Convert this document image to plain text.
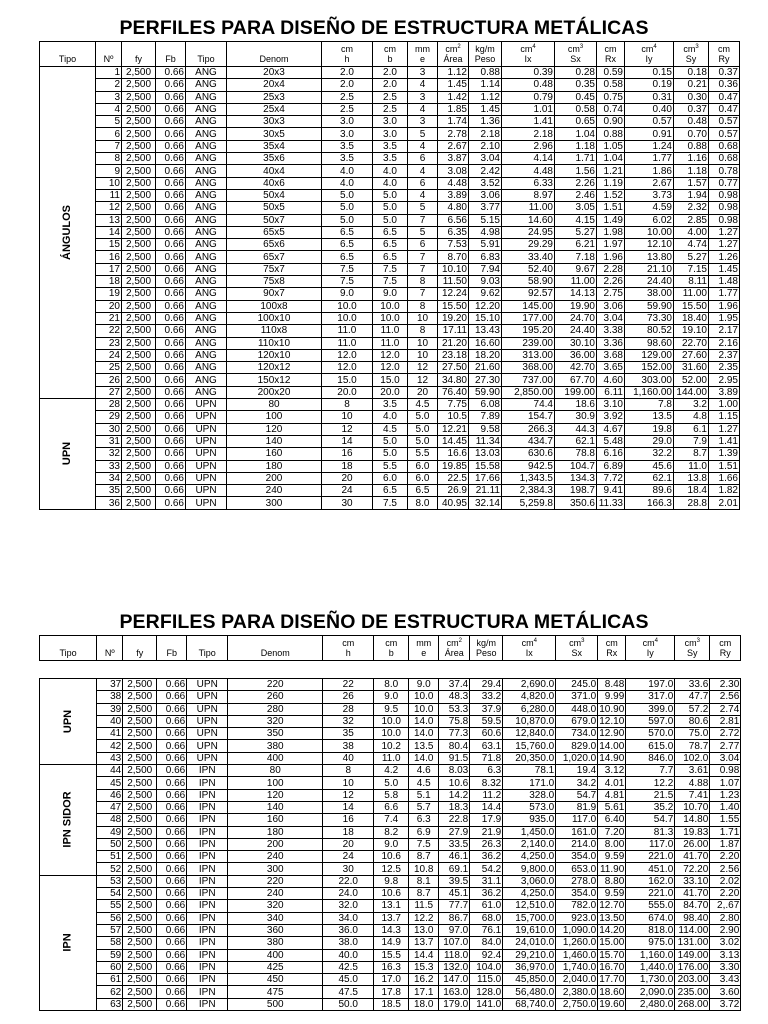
PERFILES PARA DISEÑO DE ESTRUCTURA METÁLICAS
						cm	cm	mm	$cm^2$	kg/m	$cm^4$	$cm^3$	cm	$cm^4$	$cm^3$	cm
Tipo	Nº	fy	Fb	Tipo	Denom	h	b	e	Área	Peso	Ix	Sx	Rx	Iy	Sy	Ry
ÁNGULOS	1	2,500	0.66	ANG	20x3	2.0	2.0	3	1.12	0.88	0.39	0.28	0.59	0.15	0.18	0.37
	2	2,500	0.66	ANG	20x4	2.0	2.0	4	1.45	1.14	0.48	0.35	0.58	0.19	0.21	0.36
	3	2,500	0.66	ANG	25x3	2.5	2.5	3	1.42	1.12	0.79	0.45	0.75	0.31	0.30	0.47
	4	2,500	0.66	ANG	25x4	2.5	2.5	4	1.85	1.45	1.01	0.58	0.74	0.40	0.37	0.47
	5	2,500	0.66	ANG	30x3	3.0	3.0	3	1.74	1.36	1.41	0.65	0.90	0.57	0.48	0.57
	6	2,500	0.66	ANG	30x5	3.0	3.0	5	2.78	2.18	2.18	1.04	0.88	0.91	0.70	0.57
	7	2,500	0.66	ANG	35x4	3.5	3.5	4	2.67	2.10	2.96	1.18	1.05	1.24	0.88	0.68
	8	2,500	0.66	ANG	35x6	3.5	3.5	6	3.87	3.04	4.14	1.71	1.04	1.77	1.16	0.68
	9	2,500	0.66	ANG	40x4	4.0	4.0	4	3.08	2.42	4.48	1.56	1.21	1.86	1.18	0.78
	10	2,500	0.66	ANG	40x6	4.0	4.0	6	4.48	3.52	6.33	2.26	1.19	2.67	1.57	0.77
	11	2,500	0.66	ANG	50x4	5.0	5.0	4	3.89	3.06	8.97	2.46	1.52	3.73	1.94	0.98
	12	2,500	0.66	ANG	50x5	5.0	5.0	5	4.80	3.77	11.00	3.05	1.51	4.59	2.32	0.98
	13	2,500	0.66	ANG	50x7	5.0	5.0	7	6.56	5.15	14.60	4.15	1.49	6.02	2.85	0.98
	14	2,500	0.66	ANG	65x5	6.5	6.5	5	6.35	4.98	24.95	5.27	1.98	10.00	4.00	1.27
	15	2,500	0.66	ANG	65x6	6.5	6.5	6	7.53	5.91	29.29	6.21	1.97	12.10	4.74	1.27
	16	2,500	0.66	ANG	65x7	6.5	6.5	7	8.70	6.83	33.40	7.18	1.96	13.80	5.27	1.26
	17	2,500	0.66	ANG	75x7	7.5	7.5	7	10.10	7.94	52.40	9.67	2.28	21.10	7.15	1.45
	18	2,500	0.66	ANG	75x8	7.5	7.5	8	11.50	9.03	58.90	11.00	2.26	24.40	8.11	1.48
	19	2,500	0.66	ANG	90x7	9.0	9.0	7	12.24	9.62	92.57	14.13	2.75	38.00	11.00	1.77
	20	2,500	0.66	ANG	100x8	10.0	10.0	8	15.50	12.20	145.00	19.90	3.06	59.90	15.50	1.96
	21	2,500	0.66	ANG	100x10	10.0	10.0	10	19.20	15.10	177.00	24.70	3.04	73.30	18.40	1.95
	22	2,500	0.66	ANG	110x8	11.0	11.0	8	17.11	13.43	195.20	24.40	3.38	80.52	19.10	2.17
	23	2,500	0.66	ANG	110x10	11.0	11.0	10	21.20	16.60	239.00	30.10	3.36	98.60	22.70	2.16
	24	2,500	0.66	ANG	120x10	12.0	12.0	10	23.18	18.20	313.00	36.00	3.68	129.00	27.60	2.37
	25	2,500	0.66	ANG	120x12	12.0	12.0	12	27.50	21.60	368.00	42.70	3.65	152.00	31.60	2.35
	26	2,500	0.66	ANG	150x12	15.0	15.0	12	34.80	27.30	737.00	67.70	4.60	303.00	52.00	2.95
	27	2,500	0.66	ANG	200x20	20.0	20.0	20	76.40	59.90	2,850.00	199.00	6.11	1,160.00	144.00	3.89
UPN	28	2,500	0.66	UPN	80	8	3.5	4.5	7.75	6.08	74.4	18.6	3.10	7.8	3.2	1.00
	29	2,500	0.66	UPN	100	10	4.0	5.0	10.5	7.89	154.7	30.9	3.92	13.5	4.8	1.15
	30	2,500	0.66	UPN	120	12	4.5	5.0	12.21	9.58	266.3	44.3	4.67	19.8	6.1	1.27
	31	2,500	0.66	UPN	140	14	5.0	5.0	14.45	11.34	434.7	62.1	5.48	29.0	7.9	1.41
	32	2,500	0.66	UPN	160	16	5.0	5.5	16.6	13.03	630.6	78.8	6.16	32.2	8.7	1.39
	33	2,500	0.66	UPN	180	18	5.5	6.0	19.85	15.58	942.5	104.7	6.89	45.6	11.0	1.51
	34	2,500	0.66	UPN	200	20	6.0	6.0	22.5	17.66	1,343.5	134.3	7.72	62.1	13.8	1.66
	35	2,500	0.66	UPN	240	24	6.5	6.5	26.9	21.11	2,384.3	198.7	9.41	89.6	18.4	1.82
	36	2,500	0.66	UPN	300	30	7.5	8.0	40.95	32.14	5,259.8	350.6	11.33	166.3	28.8	2.01
PERFILES PARA DISEÑO DE ESTRUCTURA METÁLICAS
						cm	cm	mm	$cm^2$	kg/m	$cm^4$	$cm^3$	cm	$cm^4$	$cm^3$	cm
Tipo	Nº	fy	Fb	Tipo	Denom	h	b	e	Área	Peso	Ix	Sx	Rx	Iy	Sy	Ry

UPN	37	2,500	0.66	UPN	220	22	8.0	9.0	37.4	29.4	2,690.0	245.0	8.48	197.0	33.6	2.30
	38	2,500	0.66	UPN	260	26	9.0	10.0	48.3	33.2	4,820.0	371.0	9.99	317.0	47.7	2.56
	39	2,500	0.66	UPN	280	28	9.5	10.0	53.3	37.9	6,280.0	448.0	10.90	399.0	57.2	2.74
	40	2,500	0.66	UPN	320	32	10.0	14.0	75.8	59.5	10,870.0	679.0	12.10	597.0	80.6	2.81
	41	2,500	0.66	UPN	350	35	10.0	14.0	77.3	60.6	12,840.0	734.0	12.90	570.0	75.0	2.72
	42	2,500	0.66	UPN	380	38	10.2	13.5	80.4	63.1	15,760.0	829.0	14.00	615.0	78.7	2.77
	43	2,500	0.66	UPN	400	40	11.0	14.0	91.5	71.8	20,350.0	1,020.0	14.90	846.0	102.0	3.04
IPN SIDOR	44	2,500	0.66	IPN	80	8	4.2	4.6	8.03	6.3	78.1	19.4	3.12	7.7	3.61	0.98
	45	2,500	0.66	IPN	100	10	5.0	4.5	10.6	8.32	171.0	34.2	4.01	12.2	4.88	1.07
	46	2,500	0.66	IPN	120	12	5.8	5.1	14.2	11.2	328.0	54.7	4.81	21.5	7.41	1.23
	47	2,500	0.66	IPN	140	14	6.6	5.7	18.3	14.4	573.0	81.9	5.61	35.2	10.70	1.40
	48	2,500	0.66	IPN	160	16	7.4	6.3	22.8	17.9	935.0	117.0	6.40	54.7	14.80	1.55
	49	2,500	0.66	IPN	180	18	8.2	6.9	27.9	21.9	1,450.0	161.0	7.20	81.3	19.83	1.71
	50	2,500	0.66	IPN	200	20	9.0	7.5	33.5	26.3	2,140.0	214.0	8.00	117.0	26.00	1.87
	51	2,500	0.66	IPN	240	24	10.6	8.7	46.1	36.2	4,250.0	354.0	9.59	221.0	41.70	2.20
	52	2,500	0.66	IPN	300	30	12.5	10.8	69.1	54.2	9,800.0	653.0	11.90	451.0	72.20	2.56
IPN	53	2,500	0.66	IPN	220	22.0	9.8	8.1	39.5	31.1	3,060.0	278.0	8.80	162.0	33.10	2.02
	54	2,500	0.66	IPN	240	24.0	10.6	8.7	45.1	36.2	4,250.0	354.0	9.59	221.0	41.70	2.20
	55	2,500	0.66	IPN	320	32.0	13.1	11.5	77.7	61.0	12,510.0	782.0	12.70	555.0	84.70	2,.67
	56	2,500	0.66	IPN	340	34.0	13.7	12.2	86.7	68.0	15,700.0	923.0	13.50	674.0	98.40	2.80
	57	2,500	0.66	IPN	360	36.0	14.3	13.0	97.0	76.1	19,610.0	1,090.0	14.20	818.0	114.00	2.90
	58	2,500	0.66	IPN	380	38.0	14.9	13.7	107.0	84.0	24,010.0	1,260.0	15.00	975.0	131.00	3.02
	59	2,500	0.66	IPN	400	40.0	15.5	14.4	118.0	92.4	29,210.0	1,460.0	15.70	1,160.0	149.00	3.13
	60	2,500	0.66	IPN	425	42.5	16.3	15.3	132.0	104.0	36,970.0	1,740.0	16.70	1,440.0	176.00	3.30
	61	2,500	0.66	IPN	450	45.0	17.0	16.2	147.0	115.0	45,850.0	2,040.0	17.70	1,730.0	203.00	3.43
	62	2,500	0.66	IPN	475	47.5	17.8	17.1	163.0	128.0	56,480.0	2,380.0	18.60	2,090.0	235.00	3.60
	63	2,500	0.66	IPN	500	50.0	18.5	18.0	179.0	141.0	68,740.0	2,750.0	19.60	2,480.0	268.00	3.72
